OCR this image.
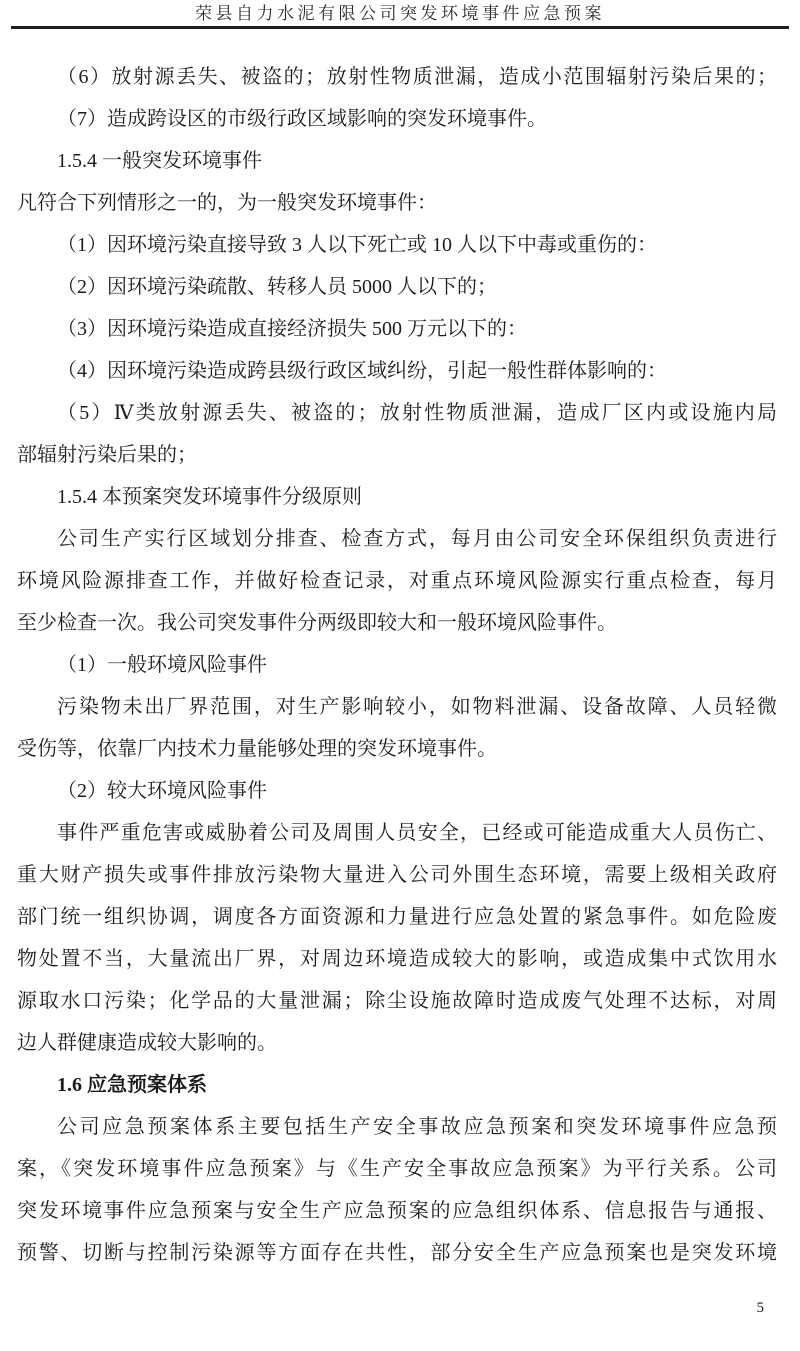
荣县自力水泥有限公司突发环境事件应急预案
（6）放射源丢失、被盗的；放射性物质泄漏，造成小范围辐射污染后果的；
（7）造成跨设区的市级行政区域影响的突发环境事件。
1.5.4 一般突发环境事件
凡符合下列情形之一的，为一般突发环境事件：
（1）因环境污染直接导致 3 人以下死亡或 10 人以下中毒或重伤的：
（2）因环境污染疏散、转移人员 5000 人以下的；
（3）因环境污染造成直接经济损失 500 万元以下的：
（4）因环境污染造成跨县级行政区域纠纷，引起一般性群体影响的：
（5）Ⅳ类放射源丢失、被盗的；放射性物质泄漏，造成厂区内或设施内局
部辐射污染后果的；
1.5.4 本预案突发环境事件分级原则
公司生产实行区域划分排查、检查方式，每月由公司安全环保组织负责进行
环境风险源排查工作，并做好检查记录，对重点环境风险源实行重点检查，每月
至少检查一次。我公司突发事件分两级即较大和一般环境风险事件。
（1）一般环境风险事件
污染物未出厂界范围，对生产影响较小，如物料泄漏、设备故障、人员轻微
受伤等，依靠厂内技术力量能够处理的突发环境事件。
（2）较大环境风险事件
事件严重危害或威胁着公司及周围人员安全，已经或可能造成重大人员伤亡、
重大财产损失或事件排放污染物大量进入公司外围生态环境，需要上级相关政府
部门统一组织协调，调度各方面资源和力量进行应急处置的紧急事件。如危险废
物处置不当，大量流出厂界，对周边环境造成较大的影响，或造成集中式饮用水
源取水口污染；化学品的大量泄漏；除尘设施故障时造成废气处理不达标，对周
边人群健康造成较大影响的。
1.6 应急预案体系
公司应急预案体系主要包括生产安全事故应急预案和突发环境事件应急预
案，《突发环境事件应急预案》与《生产安全事故应急预案》为平行关系。公司
突发环境事件应急预案与安全生产应急预案的应急组织体系、信息报告与通报、
预警、切断与控制污染源等方面存在共性，部分安全生产应急预案也是突发环境
5
